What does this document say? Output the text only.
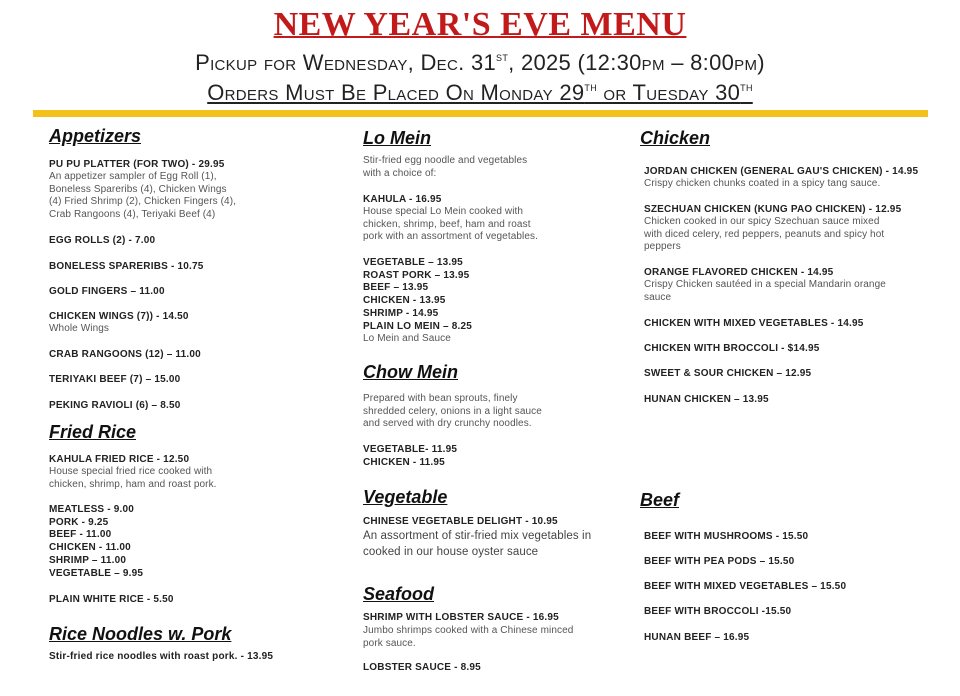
NEW YEAR'S EVE MENU
Pickup for Wednesday, Dec. 31st, 2025 (12:30pm – 8:00pm)
Orders Must Be Placed On Monday 29th or Tuesday 30th
Appetizers
PU PU PLATTER (FOR TWO) - 29.95
An appetizer sampler of Egg Roll (1),
Boneless Spareribs (4), Chicken Wings
(4) Fried Shrimp (2), Chicken Fingers (4),
Crab Rangoons (4), Teriyaki Beef (4)
EGG ROLLS (2) - 7.00
BONELESS SPARERIBS - 10.75
GOLD FINGERS – 11.00
CHICKEN WINGS (7)) - 14.50
Whole Wings
CRAB RANGOONS (12) – 11.00
TERIYAKI BEEF (7) – 15.00
PEKING RAVIOLI (6) – 8.50
Fried Rice
KAHULA FRIED RICE - 12.50
House special fried rice cooked with
chicken, shrimp, ham and roast pork.
MEATLESS - 9.00
PORK - 9.25
BEEF - 11.00
CHICKEN - 11.00
SHRIMP – 11.00
VEGETABLE – 9.95
PLAIN WHITE RICE - 5.50
Rice Noodles w. Pork
Stir-fried rice noodles with roast pork. - 13.95
Lo Mein
Stir-fried egg noodle and vegetables
with a choice of:
KAHULA - 16.95
House special Lo Mein cooked with
chicken, shrimp, beef, ham and roast
pork with an assortment of vegetables.
VEGETABLE – 13.95
ROAST PORK – 13.95
BEEF – 13.95
CHICKEN - 13.95
SHRIMP - 14.95
PLAIN LO MEIN – 8.25
Lo Mein and Sauce
Chow Mein
Prepared with bean sprouts, finely
shredded celery, onions in a light sauce
and served with dry crunchy noodles.
VEGETABLE- 11.95
CHICKEN - 11.95
Vegetable
CHINESE VEGETABLE DELIGHT - 10.95
An assortment of stir-fried mix vegetables in
cooked in our house oyster sauce
Seafood
SHRIMP WITH LOBSTER SAUCE - 16.95
Jumbo shrimps cooked with a Chinese minced
pork sauce.
LOBSTER SAUCE - 8.95
Chicken
JORDAN CHICKEN (GENERAL GAU'S CHICKEN) - 14.95
Crispy chicken chunks coated in a spicy tang sauce.
SZECHUAN CHICKEN (KUNG PAO CHICKEN) - 12.95
Chicken cooked in our spicy Szechuan sauce mixed
with diced celery, red peppers, peanuts and spicy hot
peppers
ORANGE FLAVORED CHICKEN - 14.95
Crispy Chicken sautéed in a special Mandarin orange
sauce
CHICKEN WITH MIXED VEGETABLES - 14.95
CHICKEN WITH BROCCOLI - $14.95
SWEET & SOUR CHICKEN – 12.95
HUNAN CHICKEN – 13.95
Beef
BEEF WITH MUSHROOMS - 15.50
BEEF WITH PEA PODS – 15.50
BEEF WITH MIXED VEGETABLES – 15.50
BEEF WITH BROCCOLI -15.50
HUNAN BEEF – 16.95
